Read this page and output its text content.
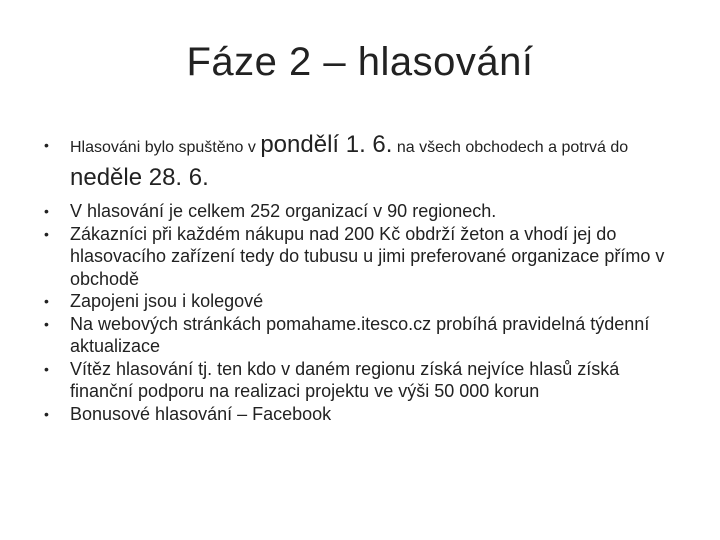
Fáze 2 – hlasování
•	Hlasováni bylo spuštěno v pondělí 1. 6. na všech obchodech a potrvá do neděle 28. 6.
•	V hlasování je celkem 252 organizací v 90 regionech.
•	Zákazníci při každém nákupu nad 200 Kč obdrží žeton a vhodí jej do hlasovacího zařízení tedy do tubusu u jimi preferované organizace přímo v obchodě
•	Zapojeni jsou i kolegové
•	Na webových stránkách pomahame.itesco.cz probíhá pravidelná týdenní aktualizace
•	Vítěz hlasování tj. ten kdo v daném regionu získá nejvíce hlasů získá finanční podporu na realizaci projektu ve výši 50 000 korun
•	Bonusové hlasování – Facebook
